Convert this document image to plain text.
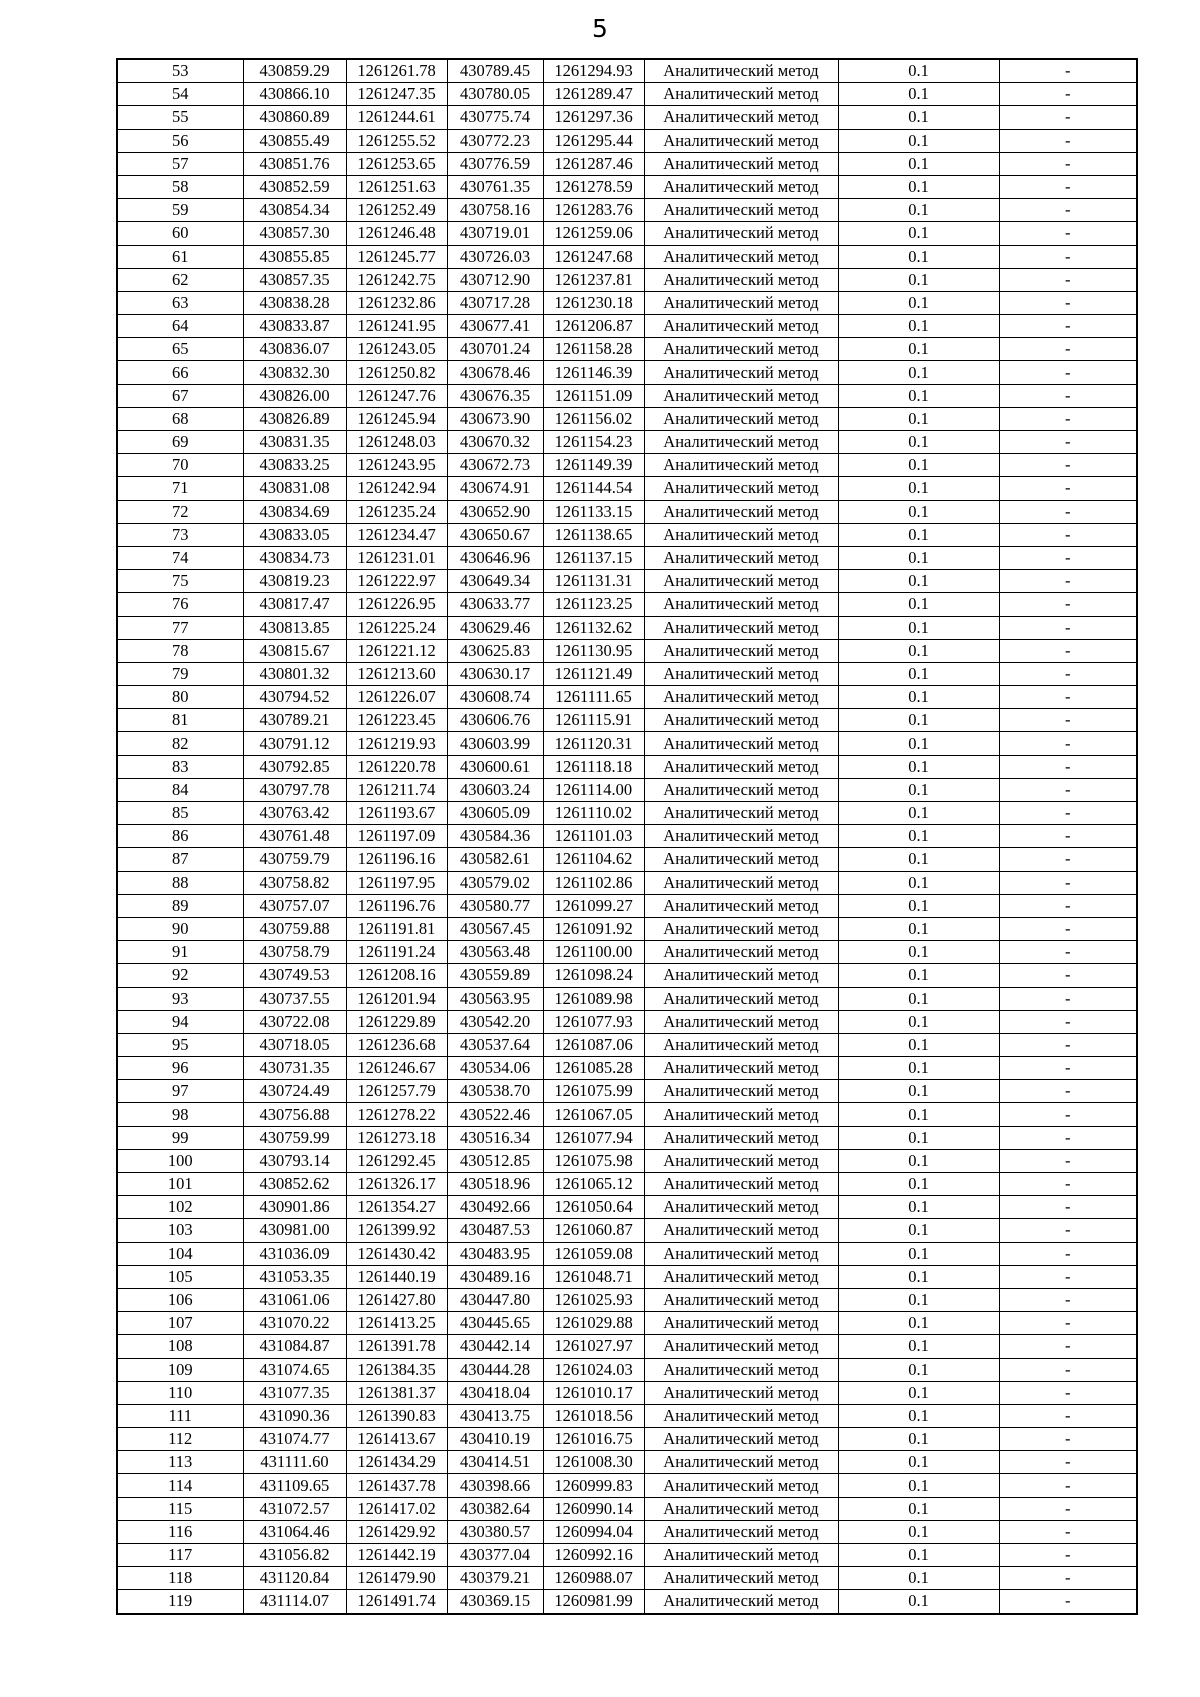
5
53	430859.29	1261261.78	430789.45	1261294.93	Аналитический метод	0.1	-
54	430866.10	1261247.35	430780.05	1261289.47	Аналитический метод	0.1	-
55	430860.89	1261244.61	430775.74	1261297.36	Аналитический метод	0.1	-
56	430855.49	1261255.52	430772.23	1261295.44	Аналитический метод	0.1	-
57	430851.76	1261253.65	430776.59	1261287.46	Аналитический метод	0.1	-
58	430852.59	1261251.63	430761.35	1261278.59	Аналитический метод	0.1	-
59	430854.34	1261252.49	430758.16	1261283.76	Аналитический метод	0.1	-
60	430857.30	1261246.48	430719.01	1261259.06	Аналитический метод	0.1	-
61	430855.85	1261245.77	430726.03	1261247.68	Аналитический метод	0.1	-
62	430857.35	1261242.75	430712.90	1261237.81	Аналитический метод	0.1	-
63	430838.28	1261232.86	430717.28	1261230.18	Аналитический метод	0.1	-
64	430833.87	1261241.95	430677.41	1261206.87	Аналитический метод	0.1	-
65	430836.07	1261243.05	430701.24	1261158.28	Аналитический метод	0.1	-
66	430832.30	1261250.82	430678.46	1261146.39	Аналитический метод	0.1	-
67	430826.00	1261247.76	430676.35	1261151.09	Аналитический метод	0.1	-
68	430826.89	1261245.94	430673.90	1261156.02	Аналитический метод	0.1	-
69	430831.35	1261248.03	430670.32	1261154.23	Аналитический метод	0.1	-
70	430833.25	1261243.95	430672.73	1261149.39	Аналитический метод	0.1	-
71	430831.08	1261242.94	430674.91	1261144.54	Аналитический метод	0.1	-
72	430834.69	1261235.24	430652.90	1261133.15	Аналитический метод	0.1	-
73	430833.05	1261234.47	430650.67	1261138.65	Аналитический метод	0.1	-
74	430834.73	1261231.01	430646.96	1261137.15	Аналитический метод	0.1	-
75	430819.23	1261222.97	430649.34	1261131.31	Аналитический метод	0.1	-
76	430817.47	1261226.95	430633.77	1261123.25	Аналитический метод	0.1	-
77	430813.85	1261225.24	430629.46	1261132.62	Аналитический метод	0.1	-
78	430815.67	1261221.12	430625.83	1261130.95	Аналитический метод	0.1	-
79	430801.32	1261213.60	430630.17	1261121.49	Аналитический метод	0.1	-
80	430794.52	1261226.07	430608.74	1261111.65	Аналитический метод	0.1	-
81	430789.21	1261223.45	430606.76	1261115.91	Аналитический метод	0.1	-
82	430791.12	1261219.93	430603.99	1261120.31	Аналитический метод	0.1	-
83	430792.85	1261220.78	430600.61	1261118.18	Аналитический метод	0.1	-
84	430797.78	1261211.74	430603.24	1261114.00	Аналитический метод	0.1	-
85	430763.42	1261193.67	430605.09	1261110.02	Аналитический метод	0.1	-
86	430761.48	1261197.09	430584.36	1261101.03	Аналитический метод	0.1	-
87	430759.79	1261196.16	430582.61	1261104.62	Аналитический метод	0.1	-
88	430758.82	1261197.95	430579.02	1261102.86	Аналитический метод	0.1	-
89	430757.07	1261196.76	430580.77	1261099.27	Аналитический метод	0.1	-
90	430759.88	1261191.81	430567.45	1261091.92	Аналитический метод	0.1	-
91	430758.79	1261191.24	430563.48	1261100.00	Аналитический метод	0.1	-
92	430749.53	1261208.16	430559.89	1261098.24	Аналитический метод	0.1	-
93	430737.55	1261201.94	430563.95	1261089.98	Аналитический метод	0.1	-
94	430722.08	1261229.89	430542.20	1261077.93	Аналитический метод	0.1	-
95	430718.05	1261236.68	430537.64	1261087.06	Аналитический метод	0.1	-
96	430731.35	1261246.67	430534.06	1261085.28	Аналитический метод	0.1	-
97	430724.49	1261257.79	430538.70	1261075.99	Аналитический метод	0.1	-
98	430756.88	1261278.22	430522.46	1261067.05	Аналитический метод	0.1	-
99	430759.99	1261273.18	430516.34	1261077.94	Аналитический метод	0.1	-
100	430793.14	1261292.45	430512.85	1261075.98	Аналитический метод	0.1	-
101	430852.62	1261326.17	430518.96	1261065.12	Аналитический метод	0.1	-
102	430901.86	1261354.27	430492.66	1261050.64	Аналитический метод	0.1	-
103	430981.00	1261399.92	430487.53	1261060.87	Аналитический метод	0.1	-
104	431036.09	1261430.42	430483.95	1261059.08	Аналитический метод	0.1	-
105	431053.35	1261440.19	430489.16	1261048.71	Аналитический метод	0.1	-
106	431061.06	1261427.80	430447.80	1261025.93	Аналитический метод	0.1	-
107	431070.22	1261413.25	430445.65	1261029.88	Аналитический метод	0.1	-
108	431084.87	1261391.78	430442.14	1261027.97	Аналитический метод	0.1	-
109	431074.65	1261384.35	430444.28	1261024.03	Аналитический метод	0.1	-
110	431077.35	1261381.37	430418.04	1261010.17	Аналитический метод	0.1	-
111	431090.36	1261390.83	430413.75	1261018.56	Аналитический метод	0.1	-
112	431074.77	1261413.67	430410.19	1261016.75	Аналитический метод	0.1	-
113	431111.60	1261434.29	430414.51	1261008.30	Аналитический метод	0.1	-
114	431109.65	1261437.78	430398.66	1260999.83	Аналитический метод	0.1	-
115	431072.57	1261417.02	430382.64	1260990.14	Аналитический метод	0.1	-
116	431064.46	1261429.92	430380.57	1260994.04	Аналитический метод	0.1	-
117	431056.82	1261442.19	430377.04	1260992.16	Аналитический метод	0.1	-
118	431120.84	1261479.90	430379.21	1260988.07	Аналитический метод	0.1	-
119	431114.07	1261491.74	430369.15	1260981.99	Аналитический метод	0.1	-
